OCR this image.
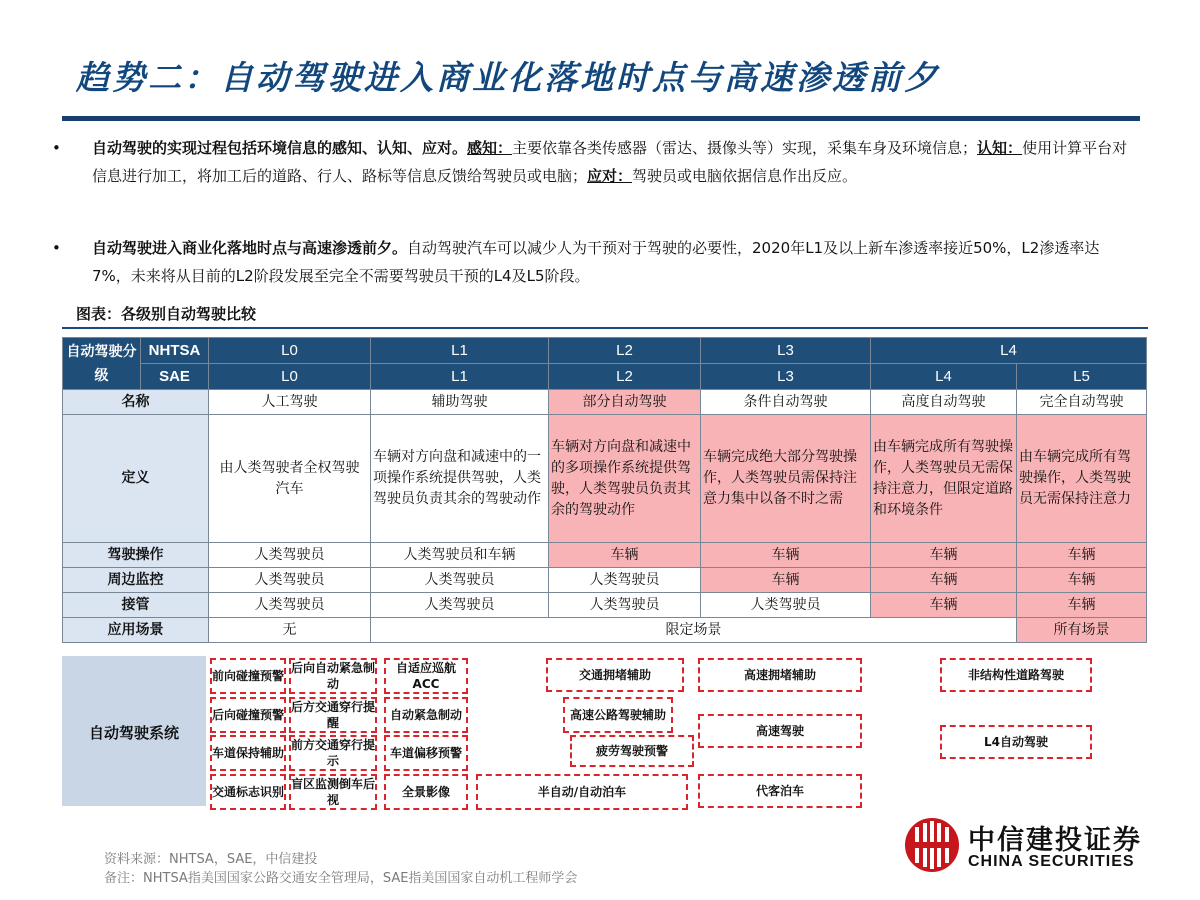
趋势二：自动驾驶进入商业化落地时点与高速渗透前夕
• 自动驾驶的实现过程包括环境信息的感知、认知、应对。感知：主要依靠各类传感器（雷达、摄像头等）实现，采集车身及环境信息；认知：使用计算平台对信息进行加工，将加工后的道路、行人、路标等信息反馈给驾驶员或电脑；应对：驾驶员或电脑依据信息作出反应。
• 自动驾驶进入商业化落地时点与高速渗透前夕。自动驾驶汽车可以减少人为干预对于驾驶的必要性，2020年L1及以上新车渗透率接近50%，L2渗透率达7%，未来将从目前的L2阶段发展至完全不需要驾驶员干预的L4及L5阶段。
图表：各级别自动驾驶比较
自动驾驶分级	NHTSA	L0	L1	L2	L3	L4	
	SAE	L0	L1	L2	L3	L4	L5
名称		人工驾驶	辅助驾驶	部分自动驾驶	条件自动驾驶	高度自动驾驶	完全自动驾驶
定义		由人类驾驶者全权驾驶汽车	车辆对方向盘和减速中的一项操作系统提供驾驶，人类驾驶员负责其余的驾驶动作	车辆对方向盘和减速中的多项操作系统提供驾驶，人类驾驶员负责其余的驾驶动作	车辆完成绝大部分驾驶操作，人类驾驶员需保持注意力集中以备不时之需	由车辆完成所有驾驶操作，人类驾驶员无需保持注意力，但限定道路和环境条件	由车辆完成所有驾驶操作，人类驾驶员无需保持注意力
驾驶操作		人类驾驶员	人类驾驶员和车辆	车辆	车辆	车辆	车辆
周边监控		人类驾驶员	人类驾驶员	人类驾驶员	车辆	车辆	车辆
接管		人类驾驶员	人类驾驶员	人类驾驶员	人类驾驶员	车辆	车辆
应用场景		无	限定场景				所有场景
自动驾驶系统
前向碰撞预警
后向自动紧急制动
自适应巡航ACC
后向碰撞预警
后方交通穿行提醒
自动紧急制动
车道保持辅助
前方交通穿行提示
车道偏移预警
交通标志识别
盲区监测倒车后视
全景影像	半自动/自动泊车
交通拥堵辅助
高速公路驾驶辅助
疲劳驾驶预警
高速拥堵辅助
高速驾驶
代客泊车
非结构性道路驾驶
L4自动驾驶
资料来源：NHTSA，SAE，中信建投
备注：NHTSA指美国国家公路交通安全管理局，SAE指美国国家自动机工程师学会
中信建投证券
CHINA SECURITIES
